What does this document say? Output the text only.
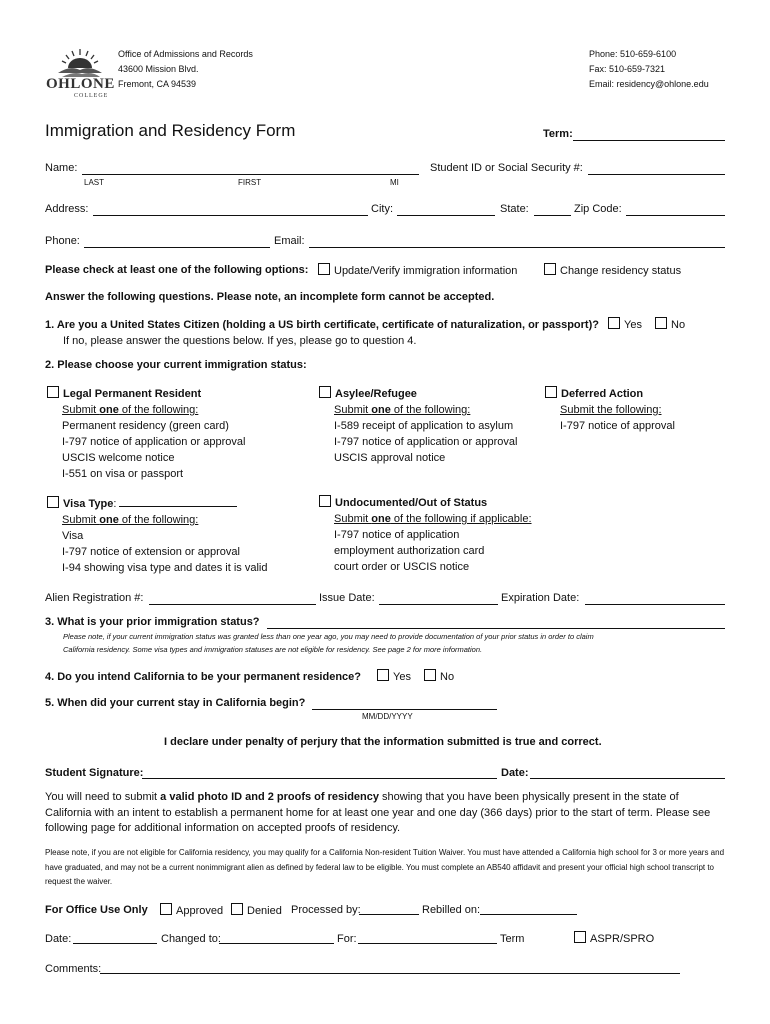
OHLONE
COLLEGE
Office of Admissions and Records
43600 Mission Blvd.
Fremont, CA 94539
Phone: 510-659-6100
Fax: 510-659-7321
Email: residency@ohlone.edu
Immigration and Residency Form	Term:
Name:
LAST	FIRST	MI
Student ID or Social Security #:
Address:	City:	State:	Zip Code:
Phone:	Email:
Please check at least one of the following options:	Update/Verify immigration information	Change residency status
Answer the following questions. Please note, an incomplete form cannot be accepted.
1. Are you a United States Citizen (holding a US birth certificate, certificate of naturalization, or passport)?	Yes	No
If no, please answer the questions below. If yes, please go to question 4.
2. Please choose your current immigration status:
Legal Permanent Resident
Submit one of the following:
Permanent residency (green card)
I-797 notice of application or approval
USCIS welcome notice
I-551 on visa or passport
Asylee/Refugee
Submit one of the following:
I-589 receipt of application to asylum
I-797 notice of application or approval
USCIS approval notice
Deferred Action
Submit the following:
I-797 notice of approval
Visa Type:
Submit one of the following:
Visa
I-797 notice of extension or approval
I-94 showing visa type and dates it is valid
Undocumented/Out of Status
Submit one of the following if applicable:
I-797 notice of application
employment authorization card
court order or USCIS notice
Alien Registration #:	Issue Date:	Expiration Date:
3. What is your prior immigration status?
Please note, if your current immigration status was granted less than one year ago, you may need to provide documentation of your prior status in order to claim
California residency. Some visa types and immigration statuses are not eligible for residency. See page 2 for more information.
4. Do you intend California to be your permanent residence?	Yes	No
5. When did your current stay in California begin?
MM/DD/YYYY
I declare under penalty of perjury that the information submitted is true and correct.
Student Signature:	Date:
You will need to submit a valid photo ID and 2 proofs of residency showing that you have been physically present in the state of California with an intent to establish a permanent home for at least one year and one day (366 days) prior to the start of term. Please see following page for additional information on accepted proofs of residency.
Please note, if you are not eligible for California residency, you may qualify for a California Non-resident Tuition Waiver. You must have attended a California high school for 3 or more years and have graduated, and may not be a current nonimmigrant alien as defined by federal law to be eligible. You must complete an AB540 affidavit and present your official high school transcript to request the waiver.
For Office Use Only	Approved	Denied Processed by:	Rebilled on:
Date:	Changed to:	For:	Term	ASPR/SPRO
Comments:
